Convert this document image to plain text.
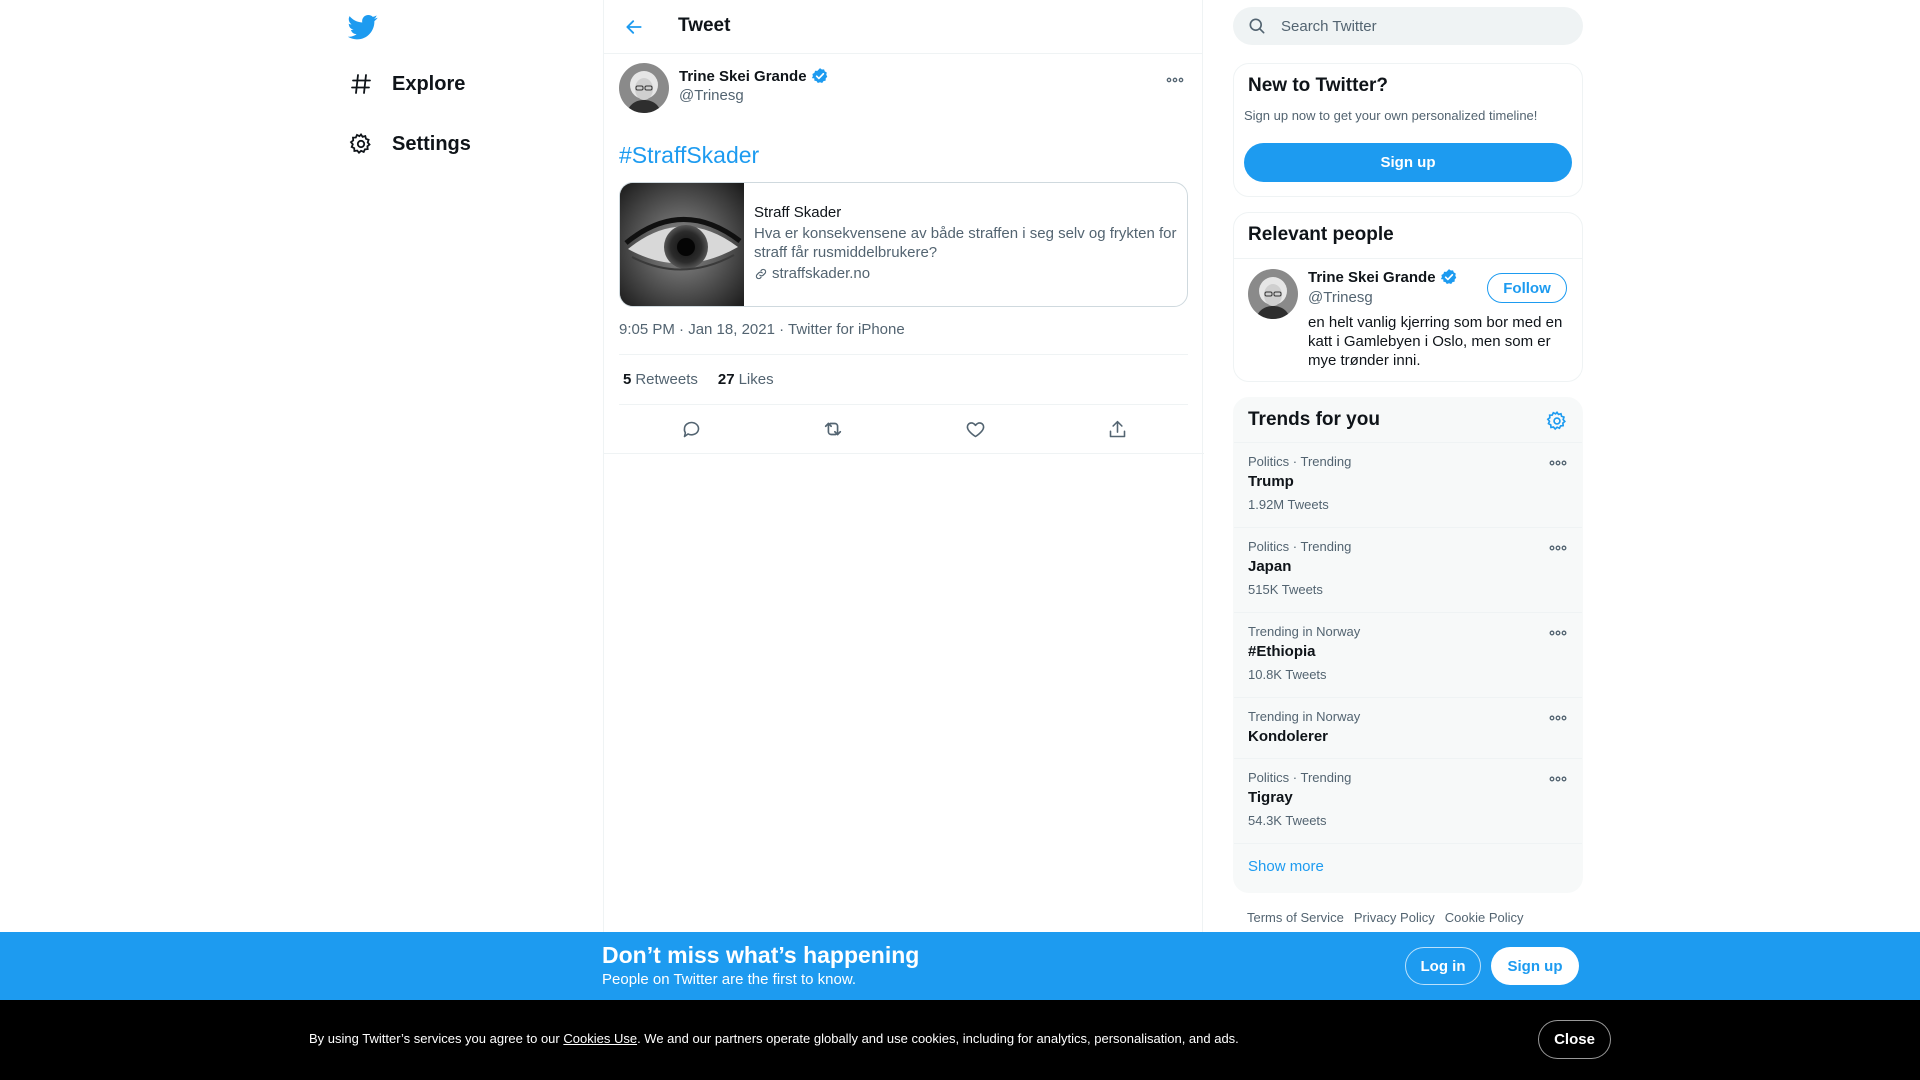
Explore
Settings
Tweet
Trine Skei Grande
@Trinesg
#StraffSkader
Straff Skader
Hva er konsekvensene av både straffen i seg selv og frykten for straff får rusmiddelbrukere?
straffskader.no
9:05 PM · Jan 18, 2021 · Twitter for iPhone
5 Retweets 27 Likes
Search Twitter
New to Twitter?
Sign up now to get your own personalized timeline!
Sign up
Relevant people
Trine Skei Grande
@Trinesg
Follow
en helt vanlig kjerring som bor med en katt i Gamlebyen i Oslo, men som er mye trønder inni.
Trends for you
Politics · Trending
Trump
1.92M Tweets
Politics · Trending
Japan
515K Tweets
Trending in Norway
#Ethiopia
10.8K Tweets
Trending in Norway
Kondolerer
Politics · Trending
Tigray
54.3K Tweets
Show more
Terms of Service Privacy Policy Cookie Policy
Don’t miss what’s happening
People on Twitter are the first to know.
Log in	Sign up
By using Twitter’s services you agree to our Cookies Use. We and our partners operate globally and use cookies, including for analytics, personalisation, and ads.	Close
